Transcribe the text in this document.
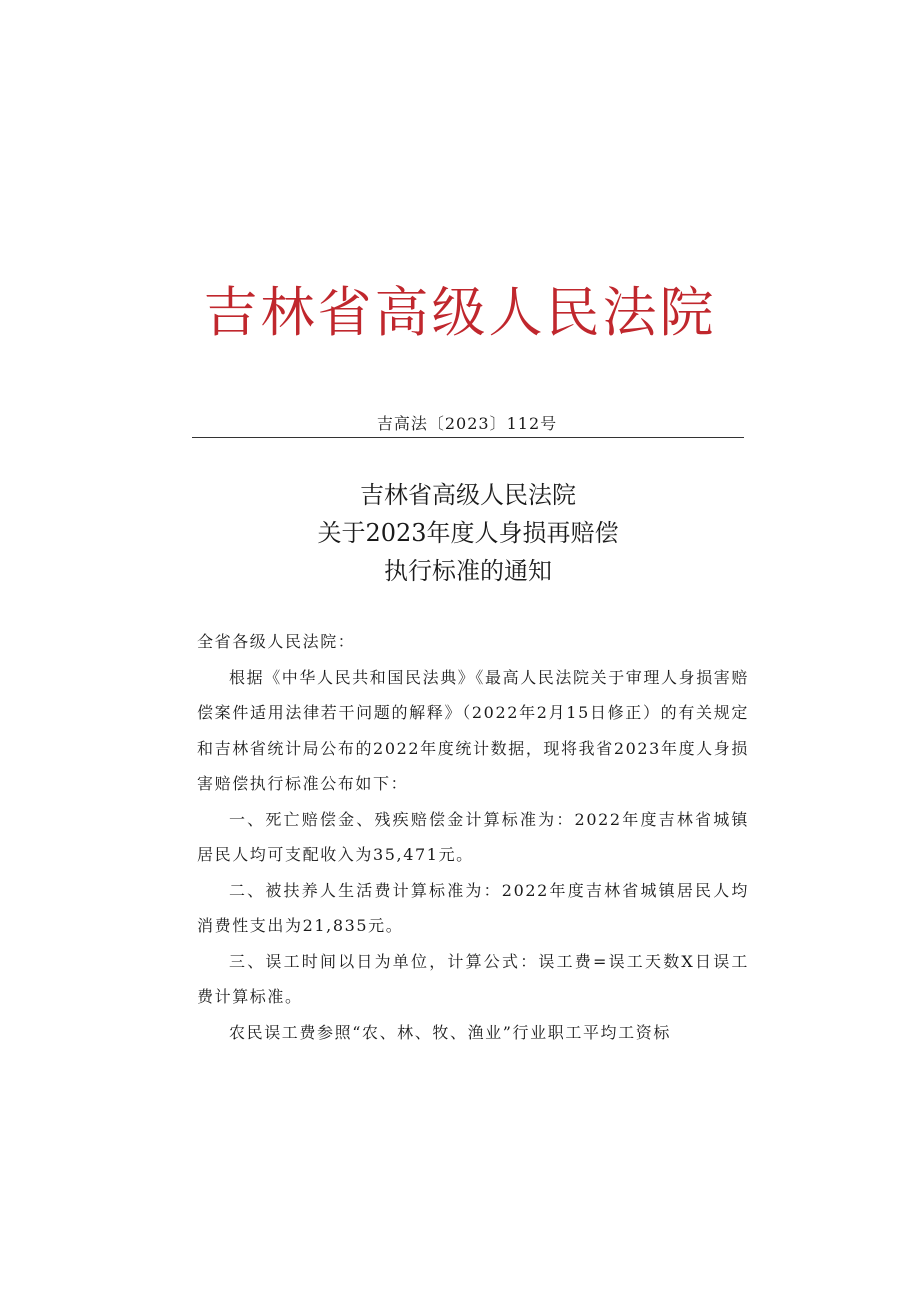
吉林省高级人民法院
吉高法〔2023〕112号
吉林省高级人民法院
关于2023年度人身损再赔偿
执行标准的通知

全省各级人民法院：

根据《中华人民共和国民法典》《最高人民法院关于审理人身损害赔偿案件适用法律若干问题的解释》（2022年2月15日修正）的有关规定和吉林省统计局公布的2022年度统计数据，现将我省2023年度人身损害赔偿执行标准公布如下：

一、死亡赔偿金、残疾赔偿金计算标准为：2022年度吉林省城镇居民人均可支配收入为35,471元。

二、被扶养人生活费计算标准为：2022年度吉林省城镇居民人均消费性支出为21,835元。

三、误工时间以日为单位，计算公式：误工费=误工天数X日误工费计算标准。

农民误工费参照“农、林、牧、渔业”行业职工平均工资标
